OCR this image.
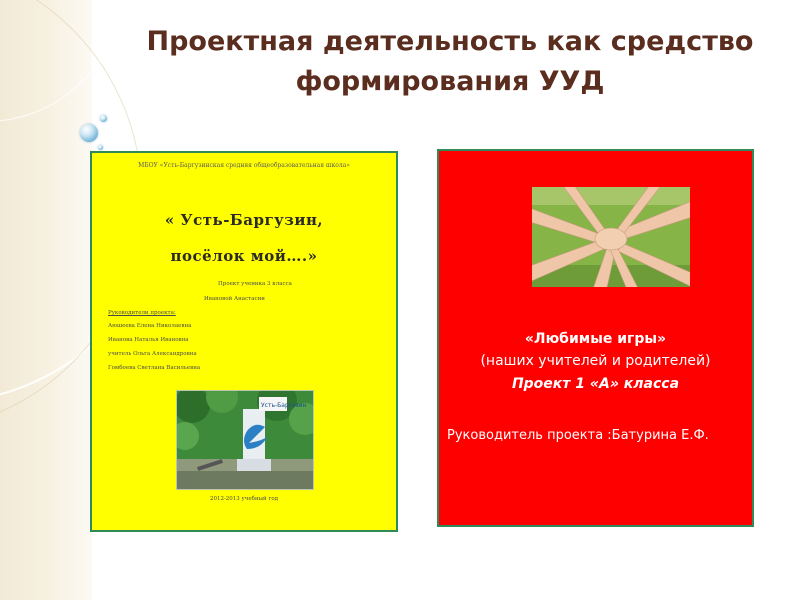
Проектная деятельность как средство формирования УУД
МБОУ «Усть-Баргузинская средняя общеобразовательная школа»
« Усть-Баргузин,
посёлок мой….»
Проект ученика 3 класса
Ивановой Анастасии
Руководители проекта:
Аюшеева Елена Николаевна
Иванова Наталья Ивановна
учитель Ольга Александровна
Гомбоева Светлана Васильевна
Усть-Баргузин
2012-2013 учебный год

«Любимые игры»

(наших учителей и родителей)

Проект 1 «А» класса

Руководитель проекта :Батурина Е.Ф.
